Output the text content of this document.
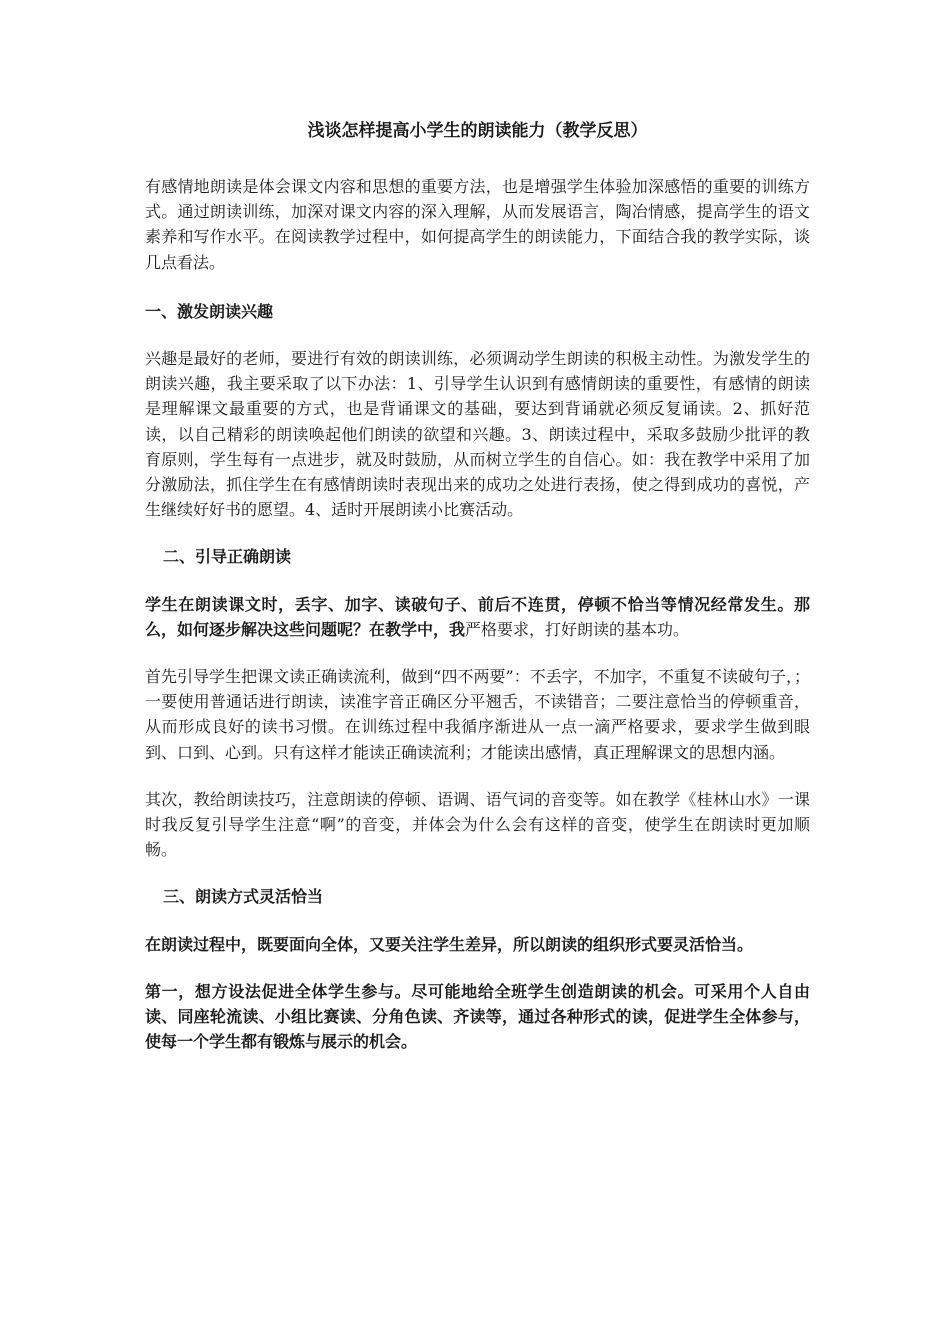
浅谈怎样提高小学生的朗读能力（教学反思）

有感情地朗读是体会课文内容和思想的重要方法，也是增强学生体验加深感悟的重要的训练方式。通过朗读训练，加深对课文内容的深入理解，从而发展语言，陶冶情感，提高学生的语文素养和写作水平。在阅读教学过程中，如何提高学生的朗读能力，下面结合我的教学实际，谈几点看法。

一、激发朗读兴趣

兴趣是最好的老师，要进行有效的朗读训练，必须调动学生朗读的积极主动性。为激发学生的朗读兴趣，我主要采取了以下办法：1、引导学生认识到有感情朗读的重要性，有感情的朗读是理解课文最重要的方式，也是背诵课文的基础，要达到背诵就必须反复诵读。2、抓好范读，以自己精彩的朗读唤起他们朗读的欲望和兴趣。3、朗读过程中，采取多鼓励少批评的教育原则，学生每有一点进步，就及时鼓励，从而树立学生的自信心。如：我在教学中采用了加分激励法，抓住学生在有感情朗读时表现出来的成功之处进行表扬，使之得到成功的喜悦，产生继续好好书的愿望。4、适时开展朗读小比赛活动。

二、引导正确朗读

学生在朗读课文时，丢字、加字、读破句子、前后不连贯，停顿不恰当等情况经常发生。那么，如何逐步解决这些问题呢？在教学中，我严格要求，打好朗读的基本功。

首先引导学生把课文读正确读流利，做到“四不两要”：不丢字，不加字，不重复不读破句子，；一要使用普通话进行朗读，读准字音正确区分平翘舌，不读错音；二要注意恰当的停顿重音，从而形成良好的读书习惯。在训练过程中我循序渐进从一点一滴严格要求，要求学生做到眼到、口到、心到。只有这样才能读正确读流利；才能读出感情，真正理解课文的思想内涵。

其次，教给朗读技巧，注意朗读的停顿、语调、语气词的音变等。如在教学《桂林山水》一课时我反复引导学生注意“啊”的音变，并体会为什么会有这样的音变，使学生在朗读时更加顺畅。

三、朗读方式灵活恰当

在朗读过程中，既要面向全体，又要关注学生差异，所以朗读的组织形式要灵活恰当。

第一，想方设法促进全体学生参与。尽可能地给全班学生创造朗读的机会。可采用个人自由读、同座轮流读、小组比赛读、分角色读、齐读等，通过各种形式的读，促进学生全体参与，使每一个学生都有锻炼与展示的机会。
